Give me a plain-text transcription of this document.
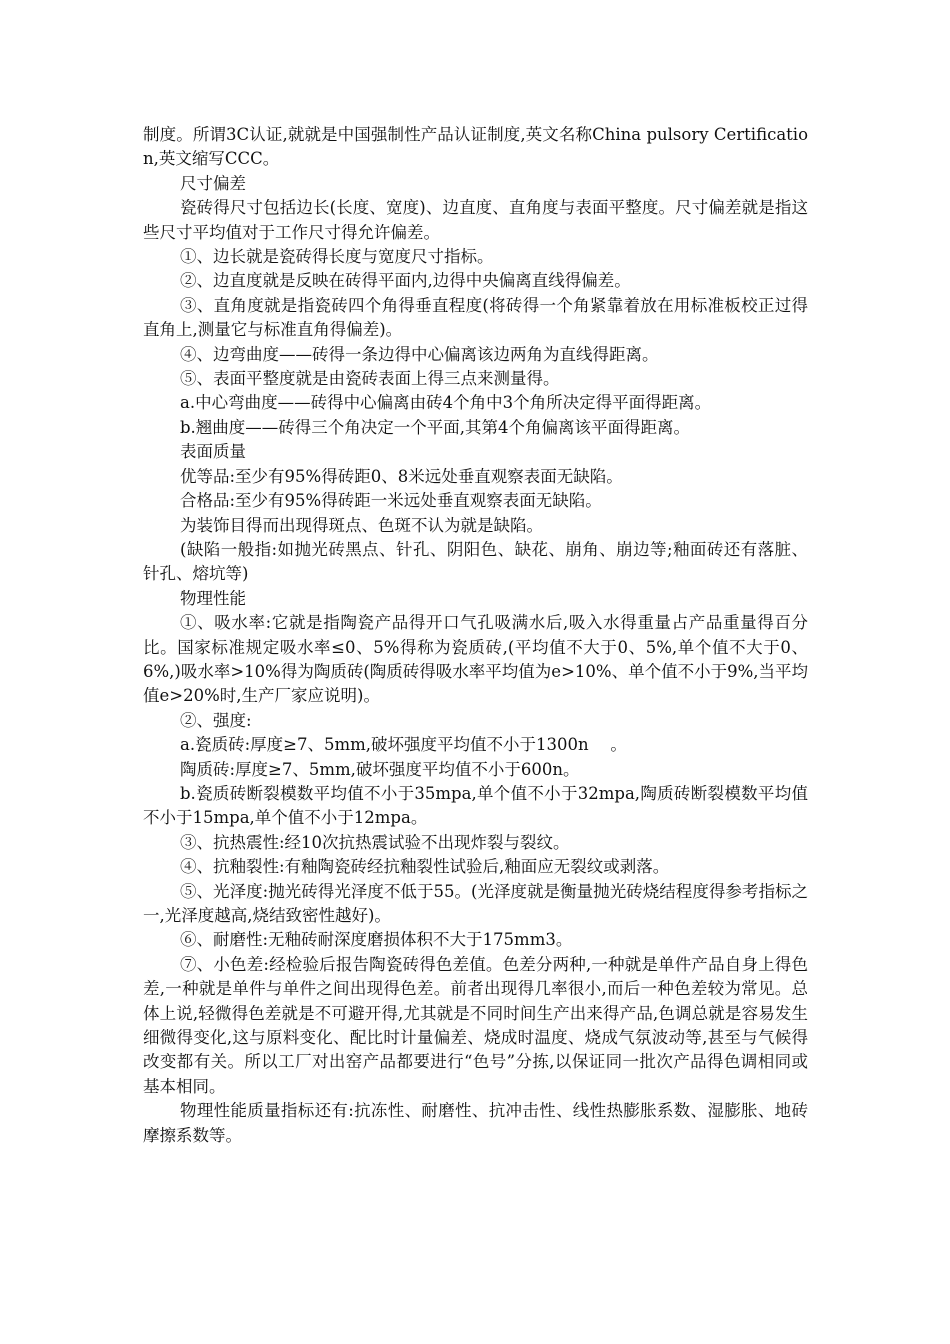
制度。所谓3C认证,就就是中国强制性产品认证制度,英文名称China pulsory Certification,英文缩写CCC。

尺寸偏差

瓷砖得尺寸包括边长(长度、宽度)、边直度、直角度与表面平整度。尺寸偏差就是指这些尺寸平均值对于工作尺寸得允许偏差。

①、边长就是瓷砖得长度与宽度尺寸指标。

②、边直度就是反映在砖得平面内,边得中央偏离直线得偏差。

③、直角度就是指瓷砖四个角得垂直程度(将砖得一个角紧靠着放在用标准板校正过得直角上,测量它与标准直角得偏差)。

④、边弯曲度——砖得一条边得中心偏离该边两角为直线得距离。

⑤、表面平整度就是由瓷砖表面上得三点来测量得。

a.中心弯曲度——砖得中心偏离由砖4个角中3个角所决定得平面得距离。

b.翘曲度——砖得三个角决定一个平面,其第4个角偏离该平面得距离。

表面质量

优等品:至少有95%得砖距0、8米远处垂直观察表面无缺陷。

合格品:至少有95%得砖距一米远处垂直观察表面无缺陷。

为装饰目得而出现得斑点、色斑不认为就是缺陷。

(缺陷一般指:如抛光砖黑点、针孔、阴阳色、缺花、崩角、崩边等;釉面砖还有落脏、针孔、熔坑等)

物理性能

①、吸水率:它就是指陶瓷产品得开口气孔吸满水后,吸入水得重量占产品重量得百分比。国家标准规定吸水率≤0、5%得称为瓷质砖,(平均值不大于0、5%,单个值不大于0、6%,)吸水率>10%得为陶质砖(陶质砖得吸水率平均值为e>10%、单个值不小于9%,当平均值e>20%时,生产厂家应说明)。

②、强度:

a.瓷质砖:厚度≥7、5mm,破坏强度平均值不小于1300n　 。

陶质砖:厚度≥7、5mm,破坏强度平均值不小于600n。

b.瓷质砖断裂模数平均值不小于35mpa,单个值不小于32mpa,陶质砖断裂模数平均值不小于15mpa,单个值不小于12mpa。

③、抗热震性:经10次抗热震试验不出现炸裂与裂纹。

④、抗釉裂性:有釉陶瓷砖经抗釉裂性试验后,釉面应无裂纹或剥落。

⑤、光泽度:抛光砖得光泽度不低于55。(光泽度就是衡量抛光砖烧结程度得参考指标之一,光泽度越高,烧结致密性越好)。

⑥、耐磨性:无釉砖耐深度磨损体积不大于175mm3。

⑦、小色差:经检验后报告陶瓷砖得色差值。色差分两种,一种就是单件产品自身上得色差,一种就是单件与单件之间出现得色差。前者出现得几率很小,而后一种色差较为常见。总体上说,轻微得色差就是不可避开得,尤其就是不同时间生产出来得产品,色调总就是容易发生细微得变化,这与原料变化、配比时计量偏差、烧成时温度、烧成气氛波动等,甚至与气候得改变都有关。所以工厂对出窑产品都要进行“色号”分拣,以保证同一批次产品得色调相同或基本相同。

物理性能质量指标还有:抗冻性、耐磨性、抗冲击性、线性热膨胀系数、湿膨胀、地砖摩擦系数等。
